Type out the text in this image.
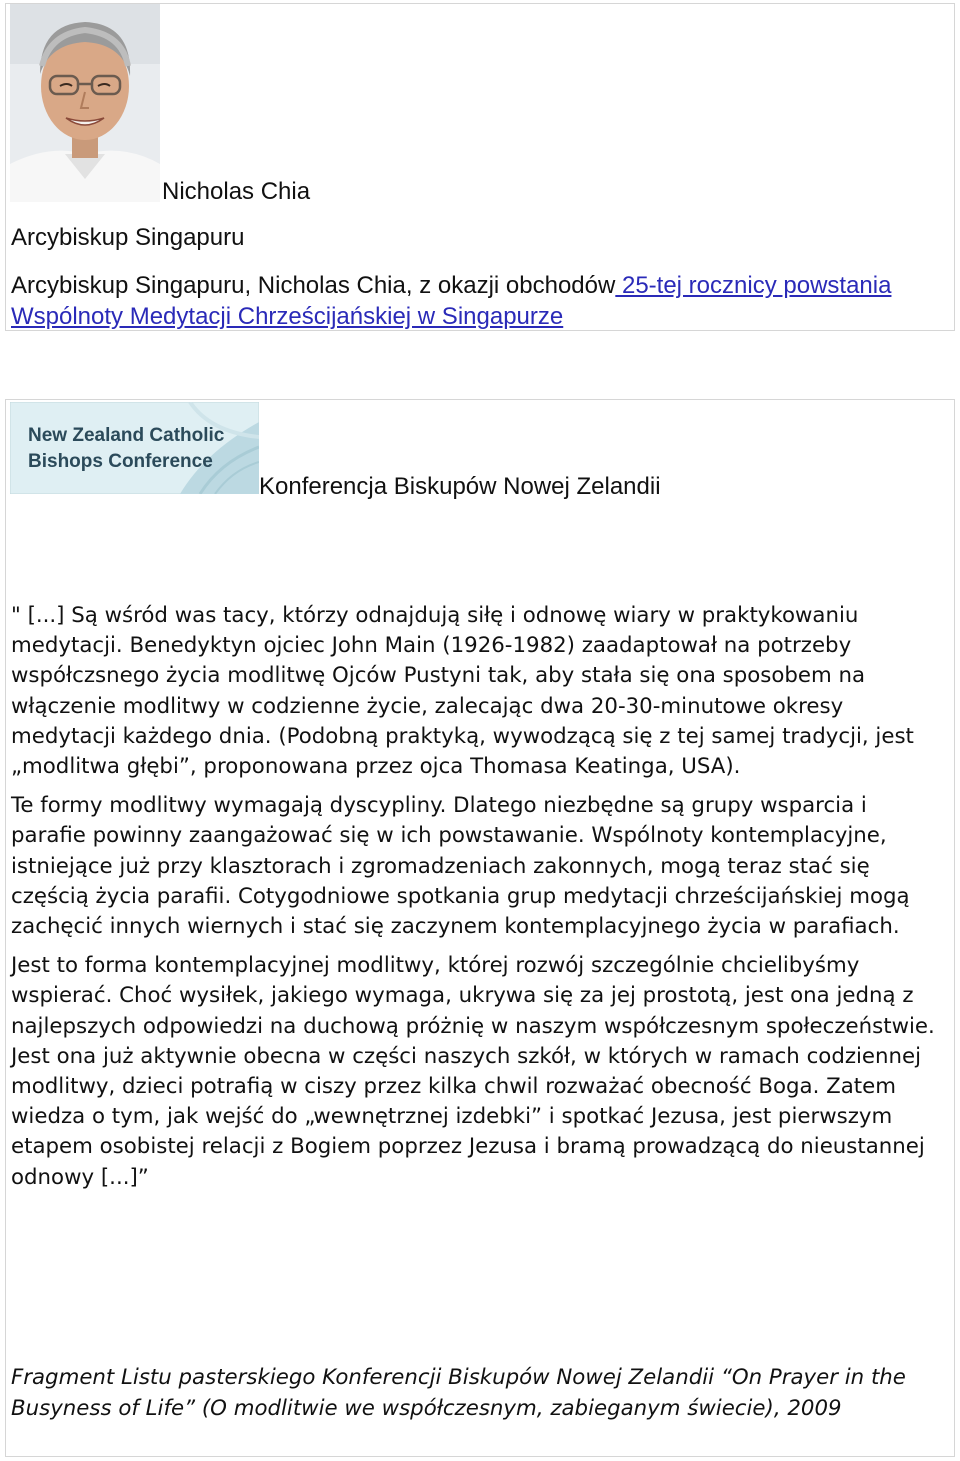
Nicholas Chia
Arcybiskup Singapuru
Arcybiskup Singapuru, Nicholas Chia, z okazji obchodów 25-tej rocznicy powstania Wspólnoty Medytacji Chrześcijańskiej w Singapurze
New Zealand Catholic
Bishops Conference
Konferencja Biskupów Nowej Zelandii

" [...] Są wśród was tacy, którzy odnajdują siłę i odnowę wiary w praktykowaniu medytacji. Benedyktyn ojciec John Main (1926-1982) zaadaptował na potrzeby współczsnego życia modlitwę Ojców Pustyni tak, aby stała się ona sposobem na włączenie modlitwy w codzienne życie, zalecając dwa 20-30-minutowe okresy medytacji każdego dnia. (Podobną praktyką, wywodzącą się z tej samej tradycji, jest „modlitwa głębi”, proponowana przez ojca Thomasa Keatinga, USA).

Te formy modlitwy wymagają dyscypliny. Dlatego niezbędne są grupy wsparcia i parafie powinny zaangażować się w ich powstawanie. Wspólnoty kontemplacyjne, istniejące już przy klasztorach i zgromadzeniach zakonnych, mogą teraz stać się częścią życia parafii. Cotygodniowe spotkania grup medytacji chrześcijańskiej mogą zachęcić innych wiernych i stać się zaczynem kontemplacyjnego życia w parafiach.

Jest to forma kontemplacyjnej modlitwy, której rozwój szczególnie chcielibyśmy wspierać. Choć wysiłek, jakiego wymaga, ukrywa się za jej prostotą, jest ona jedną z najlepszych odpowiedzi na duchową próżnię w naszym współczesnym społeczeństwie. Jest ona już aktywnie obecna w części naszych szkół, w których w ramach codziennej modlitwy, dzieci potrafią w ciszy przez kilka chwil rozważać obecność Boga. Zatem wiedza o tym, jak wejść do „wewnętrznej izdebki” i spotkać Jezusa, jest pierwszym etapem osobistej relacji z Bogiem poprzez Jezusa i bramą prowadzącą do nieustannej odnowy [...]”

Fragment Listu pasterskiego Konferencji Biskupów Nowej Zelandii “On Prayer in the Busyness of Life” (O modlitwie we współczesnym, zabieganym świecie), 2009
